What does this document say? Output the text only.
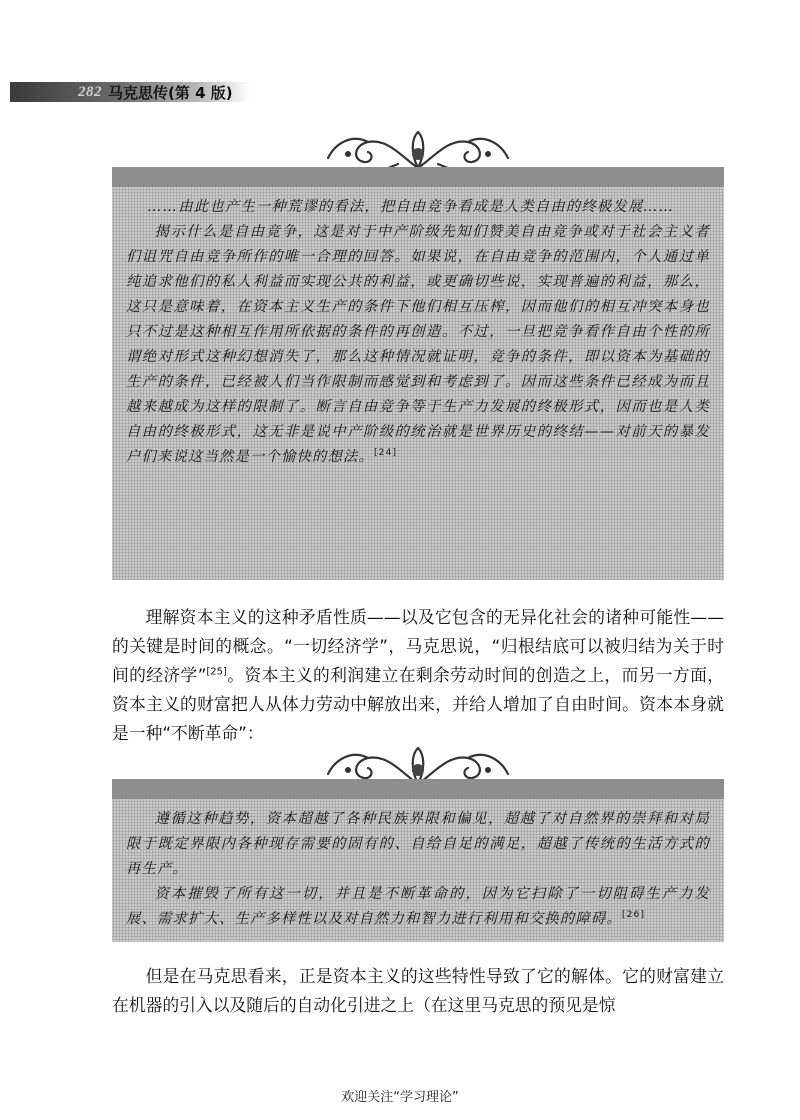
282 马克思传(第 4 版)

……由此也产生一种荒谬的看法，把自由竞争看成是人类自由的终极发展……

揭示什么是自由竞争，这是对于中产阶级先知们赞美自由竞争或对于社会主义者们诅咒自由竞争所作的唯一合理的回答。如果说，在自由竞争的范围内，个人通过单纯追求他们的私人利益而实现公共的利益，或更确切些说，实现普遍的利益，那么，这只是意味着，在资本主义生产的条件下他们相互压榨，因而他们的相互冲突本身也只不过是这种相互作用所依据的条件的再创造。不过，一旦把竞争看作自由个性的所谓绝对形式这种幻想消失了，那么这种情况就证明，竞争的条件，即以资本为基础的生产的条件，已经被人们当作限制而感觉到和考虑到了。因而这些条件已经成为而且越来越成为这样的限制了。断言自由竞争等于生产力发展的终极形式，因而也是人类自由的终极形式，这无非是说中产阶级的统治就是世界历史的终结——对前天的暴发户们来说这当然是一个愉快的想法。[24]

理解资本主义的这种矛盾性质——以及它包含的无异化社会的诸种可能性——的关键是时间的概念。“一切经济学”，马克思说，“归根结底可以被归结为关于时间的经济学”[25]。资本主义的利润建立在剩余劳动时间的创造之上，而另一方面，资本主义的财富把人从体力劳动中解放出来，并给人增加了自由时间。资本本身就是一种“不断革命”：

遵循这种趋势，资本超越了各种民族界限和偏见，超越了对自然界的崇拜和对局限于既定界限内各种现存需要的固有的、自给自足的满足，超越了传统的生活方式的再生产。

资本摧毁了所有这一切，并且是不断革命的，因为它扫除了一切阻碍生产力发展、需求扩大、生产多样性以及对自然力和智力进行利用和交换的障碍。[26]

但是在马克思看来，正是资本主义的这些特性导致了它的解体。它的财富建立在机器的引入以及随后的自动化引进之上（在这里马克思的预见是惊

欢迎关注“学习理论”
